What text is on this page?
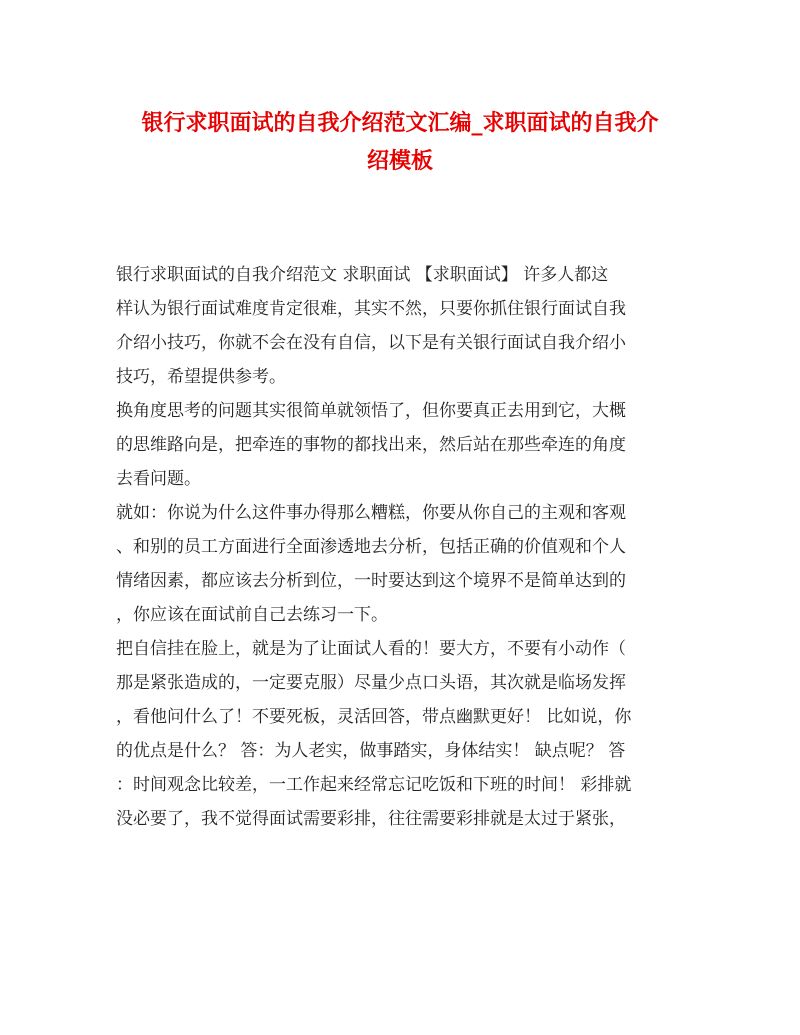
银行求职面试的自我介绍范文汇编_求职面试的自我介
绍模板

银行求职面试的自我介绍范文 求职面试 【求职面试】 许多人都这
样认为银行面试难度肯定很难，其实不然，只要你抓住银行面试自我
介绍小技巧，你就不会在没有自信，以下是有关银行面试自我介绍小
技巧，希望提供参考。

换角度思考的问题其实很简单就领悟了，但你要真正去用到它，大概
的思维路向是，把牵连的事物的都找出来，然后站在那些牵连的角度
去看问题。

就如：你说为什么这件事办得那么糟糕，你要从你自己的主观和客观
、和别的员工方面进行全面渗透地去分析，包括正确的价值观和个人
情绪因素，都应该去分析到位，一时要达到这个境界不是简单达到的
，你应该在面试前自己去练习一下。

把自信挂在脸上，就是为了让面试人看的！要大方，不要有小动作（
那是紧张造成的，一定要克服）尽量少点口头语，其次就是临场发挥
，看他问什么了！不要死板，灵活回答，带点幽默更好！ 比如说，你
的优点是什么？ 答：为人老实，做事踏实，身体结实！ 缺点呢？ 答
：时间观念比较差，一工作起来经常忘记吃饭和下班的时间！ 彩排就
没必要了，我不觉得面试需要彩排，往往需要彩排就是太过于紧张，
